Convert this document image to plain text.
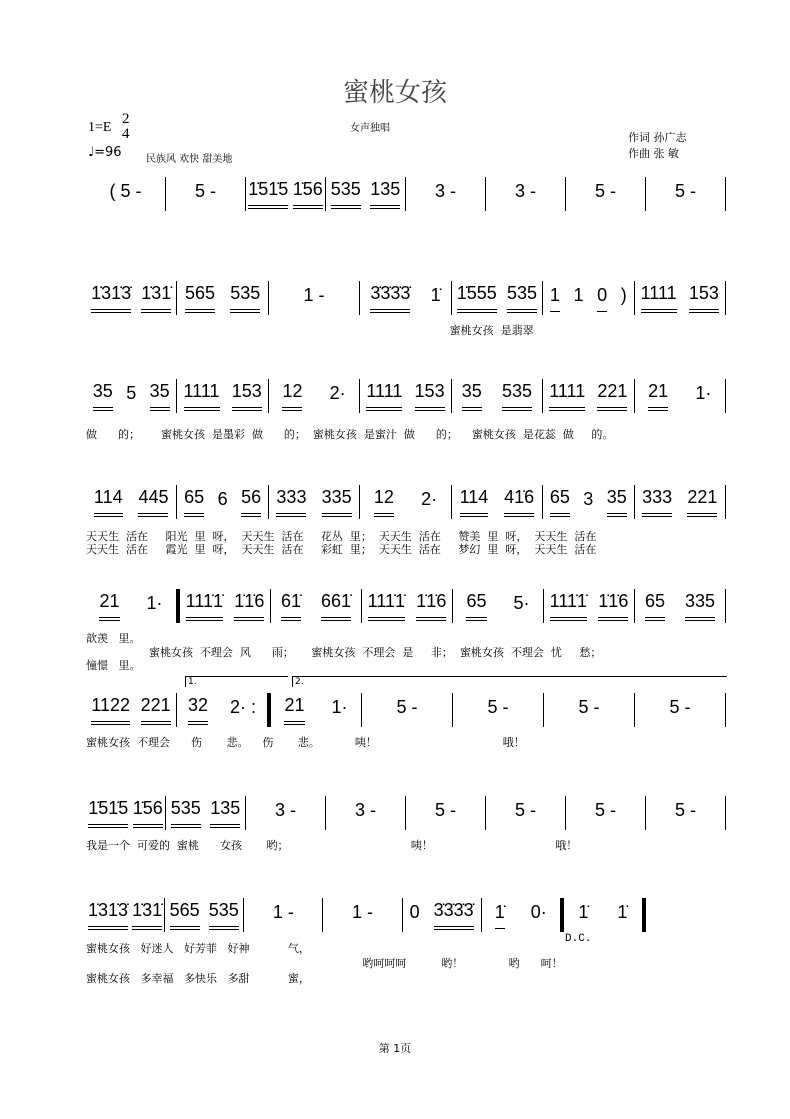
蜜桃女孩
女声独唱
1=E
2
4
♩=96 民族风 欢快 甜美地
作词 孙广志
作曲 张 敏
( 5 -	5 - 1̇51̇5 1̇56 535 135 3 -	3 -	5 -	5 -
1̇31̇3̇ 1̇31̇ 565 535 1 -	3̇3̇3̇3̇ 1̇ 1̇555 535 1 1 0 ) 1111 153
35 5 35 1111 153 12 2· 1111 153 35 535 1111 221 21 1·
114 445 65 6 56 333 335 12 2· 114 41̇6 65 3 35 333 221
21 1· 111̇1̇ 1̇1̇6 61̇ 661̇ 111̇1̇ 1̇1̇6 65 5· 111̇1̇ 1̇1̇6 65 335
1122 221 32 2· : 21 1·	5 -	5 -	5 -	5 -
1̇51̇5 1̇56 535 135 3 -	3 -	5 -	5 -	5 -	5 -
1̇31̇3̇ 1̇31̇ 565 535 1 -	1 - 0 3̇3̇3̇3̇ 1̇ 0· 1̇ 1̇
1.	2.
D.C.
蜜桃女孩  是翡翠
做      的；      蜜桃女孩  是墨彩  做      的；  蜜桃女孩  是蜜汁  做      的；    蜜桃女孩  是花蕊  做     的。
天天生  活在     阳光  里  呀，  天天生  活在     花丛  里；  天天生  活在     赞美  里  呀，  天天生  活在
天天生  活在     霞光  里  呀，  天天生  活在     彩虹  里；  天天生  活在     梦幻  里  呀，  天天生  活在
歆羡   里。
蜜桃女孩  不理会  风      雨；     蜜桃女孩  不理会  是     非；  蜜桃女孩  不理会  忧     愁；
憧憬   里。
蜜桃女孩  不理会      伤       悲。    伤       悲。          咦！                                    哦！
我是一个  可爱的  蜜桃      女孩       哟；                                   咦！                                   哦！
蜜桃女孩   好迷人   好芳菲   好神           气，
哟呵呵呵          哟！             哟      呵！
蜜桃女孩   多幸福   多快乐   多甜           蜜，
第 1页
